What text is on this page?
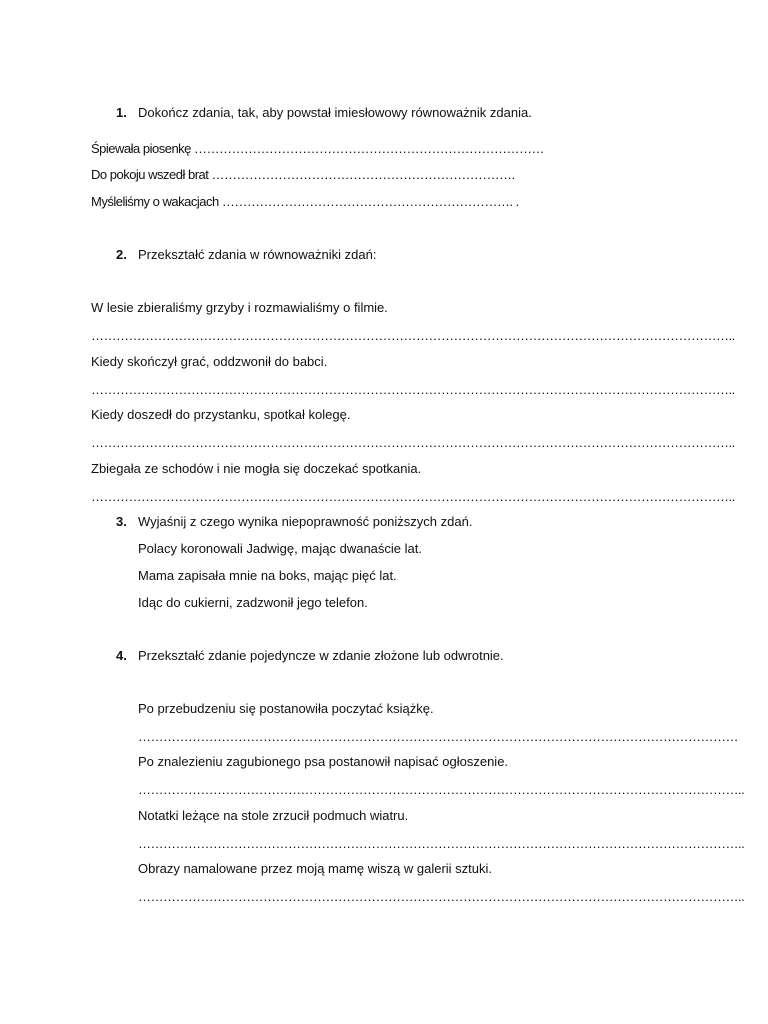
1. Dokończ zdania, tak, aby powstał imiesłowowy równoważnik zdania.
Śpiewała piosenkę …………………………………………………………………………
Do pokoju wszedł brat ……………………………………………………………….
Myśleliśmy o wakacjach ……………………………………………………………. .
2. Przekształć zdania w równoważniki zdań:
W lesie zbieraliśmy grzyby i rozmawialiśmy o filmie.
………………………………………………………………………………………………………………………………………..
Kiedy skończył grać, oddzwonił do babci.
………………………………………………………………………………………………………………………………………..
Kiedy doszedł do przystanku, spotkał kolegę.
………………………………………………………………………………………………………………………………………..
Zbiegała ze schodów i nie mogła się doczekać spotkania.
………………………………………………………………………………………………………………………………………..
3. Wyjaśnij z czego wynika niepoprawność poniższych zdań.
Polacy koronowali Jadwigę, mając dwanaście lat.
Mama zapisała mnie na boks, mając pięć lat.
Idąc do cukierni, zadzwonił jego telefon.
4. Przekształć zdanie pojedyncze w zdanie złożone lub odwrotnie.
Po przebudzeniu się postanowiła poczytać książkę.
………………………………………………………………………………………………………………………………
Po znalezieniu zagubionego psa postanowił napisać ogłoszenie.
………………………………………………………………………………………………………………………………..
Notatki leżące na stole zrzucił podmuch wiatru.
………………………………………………………………………………………………………………………………..
Obrazy namalowane przez moją mamę wiszą w galerii sztuki.
………………………………………………………………………………………………………………………………..
